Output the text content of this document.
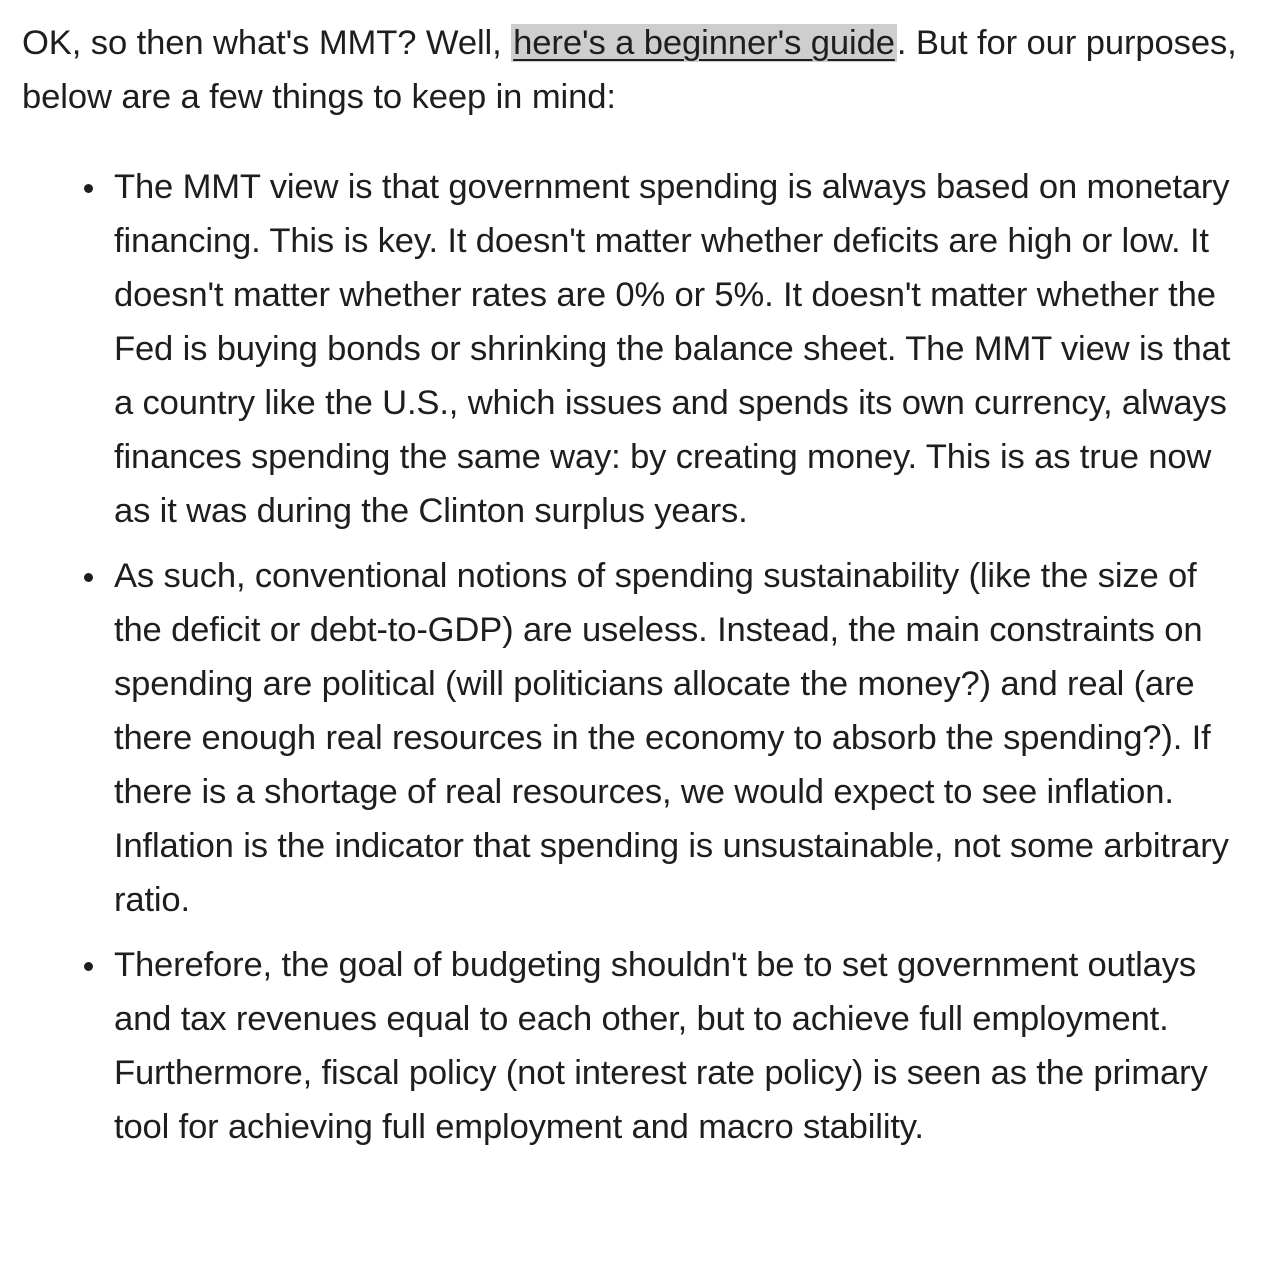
OK, so then what's MMT? Well, here's a beginner's guide. But for our purposes, below are a few things to keep in mind:

The MMT view is that government spending is always based on monetary financing. This is key. It doesn't matter whether deficits are high or low. It doesn't matter whether rates are 0% or 5%. It doesn't matter whether the Fed is buying bonds or shrinking the balance sheet. The MMT view is that a country like the U.S., which issues and spends its own currency, always finances spending the same way: by creating money. This is as true now as it was during the Clinton surplus years.
As such, conventional notions of spending sustainability (like the size of the deficit or debt-to-GDP) are useless. Instead, the main constraints on spending are political (will politicians allocate the money?) and real (are there enough real resources in the economy to absorb the spending?). If there is a shortage of real resources, we would expect to see inflation. Inflation is the indicator that spending is unsustainable, not some arbitrary ratio.
Therefore, the goal of budgeting shouldn't be to set government outlays and tax revenues equal to each other, but to achieve full employment. Furthermore, fiscal policy (not interest rate policy) is seen as the primary tool for achieving full employment and macro stability.
